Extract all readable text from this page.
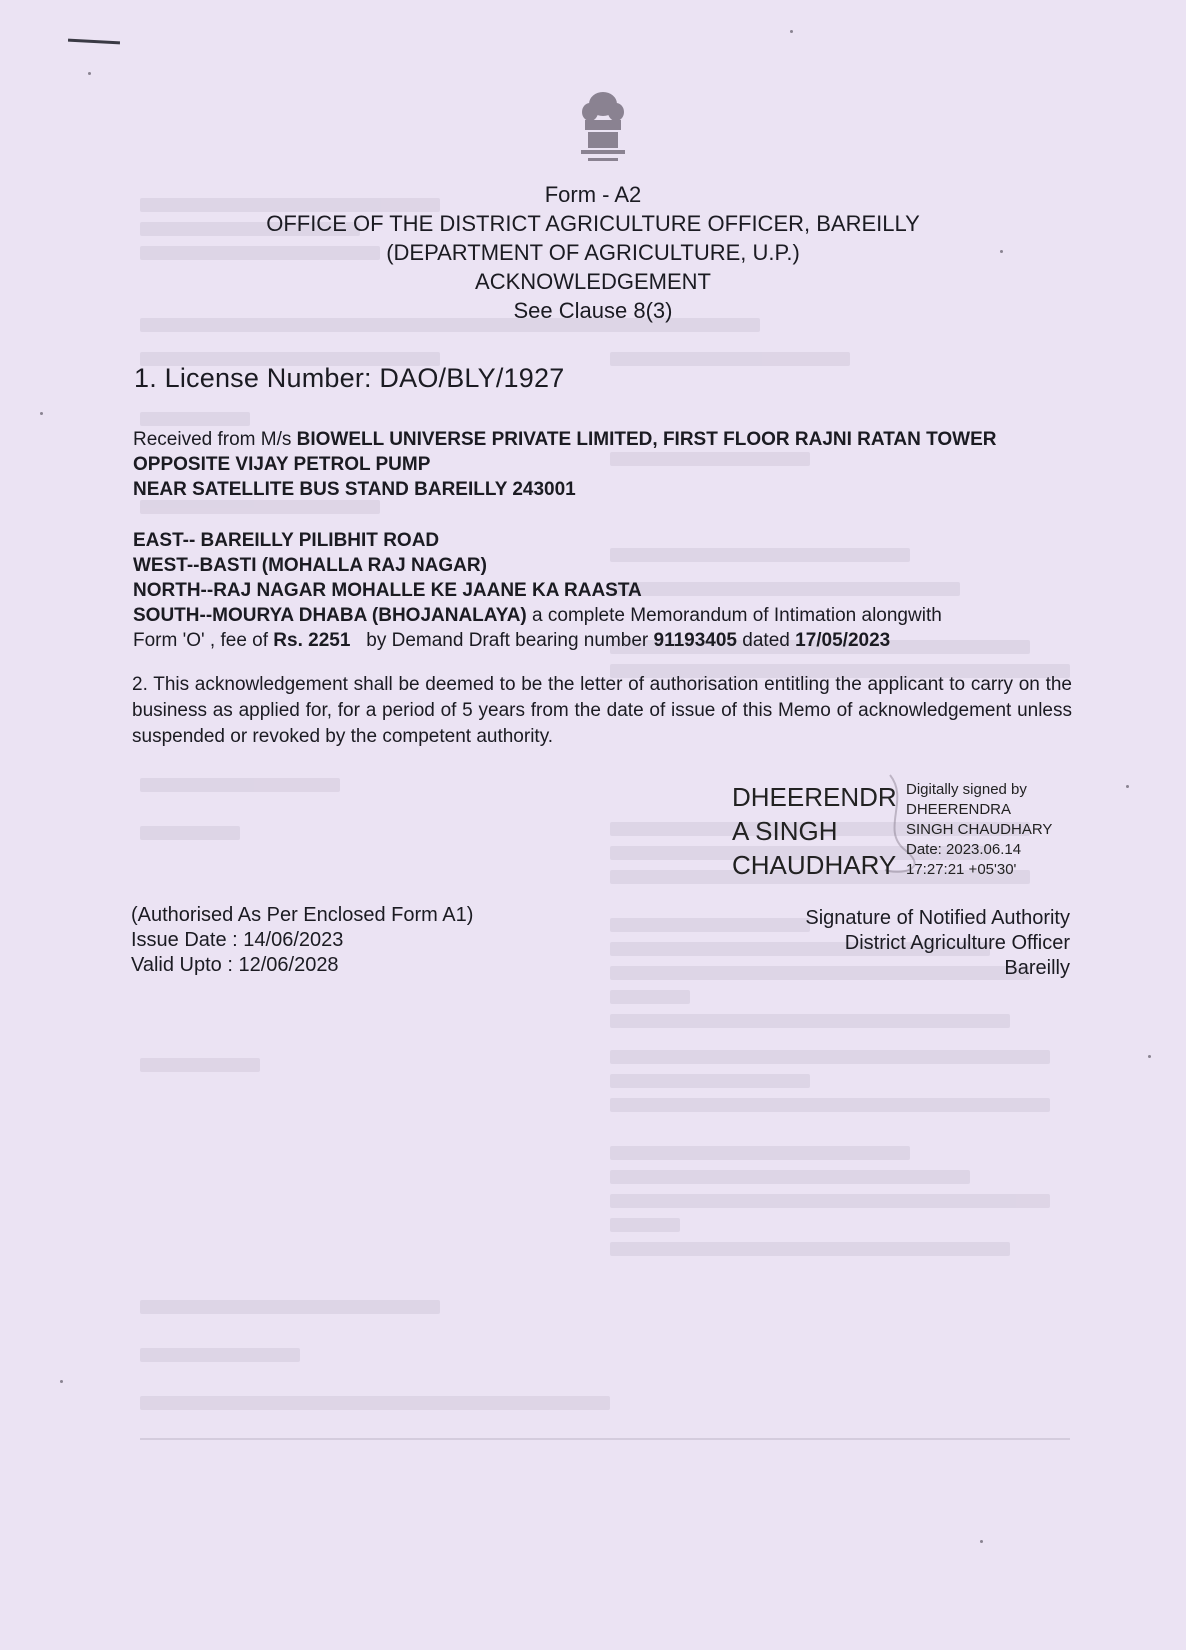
Form - A2
OFFICE OF THE DISTRICT AGRICULTURE OFFICER, BAREILLY
(DEPARTMENT OF AGRICULTURE, U.P.)
ACKNOWLEDGEMENT
See Clause 8(3)
1. License Number: DAO/BLY/1927
Received from M/s BIOWELL UNIVERSE PRIVATE LIMITED, FIRST FLOOR RAJNI RATAN TOWER
OPPOSITE VIJAY PETROL PUMP
NEAR SATELLITE BUS STAND BAREILLY 243001
EAST-- BAREILLY PILIBHIT ROAD
WEST--BASTI (MOHALLA RAJ NAGAR)
NORTH--RAJ NAGAR MOHALLE KE JAANE KA RAASTA
SOUTH--MOURYA DHABA (BHOJANALAYA) a complete Memorandum of Intimation alongwith
Form 'O' , fee of Rs. 2251   by Demand Draft bearing number 91193405 dated 17/05/2023
2. This acknowledgement shall be deemed to be the letter of authorisation entitling the applicant to carry on the business as applied for, for a period of 5 years from the date of issue of this Memo of acknowledgement unless suspended or revoked by the competent authority.
DHEERENDR
A SINGH
CHAUDHARY
Digitally signed by
DHEERENDRA
SINGH CHAUDHARY
Date: 2023.06.14
17:27:21 +05'30'
(Authorised As Per Enclosed Form A1)
Issue Date : 14/06/2023
Valid Upto : 12/06/2028
Signature of Notified Authority
District Agriculture Officer
Bareilly
